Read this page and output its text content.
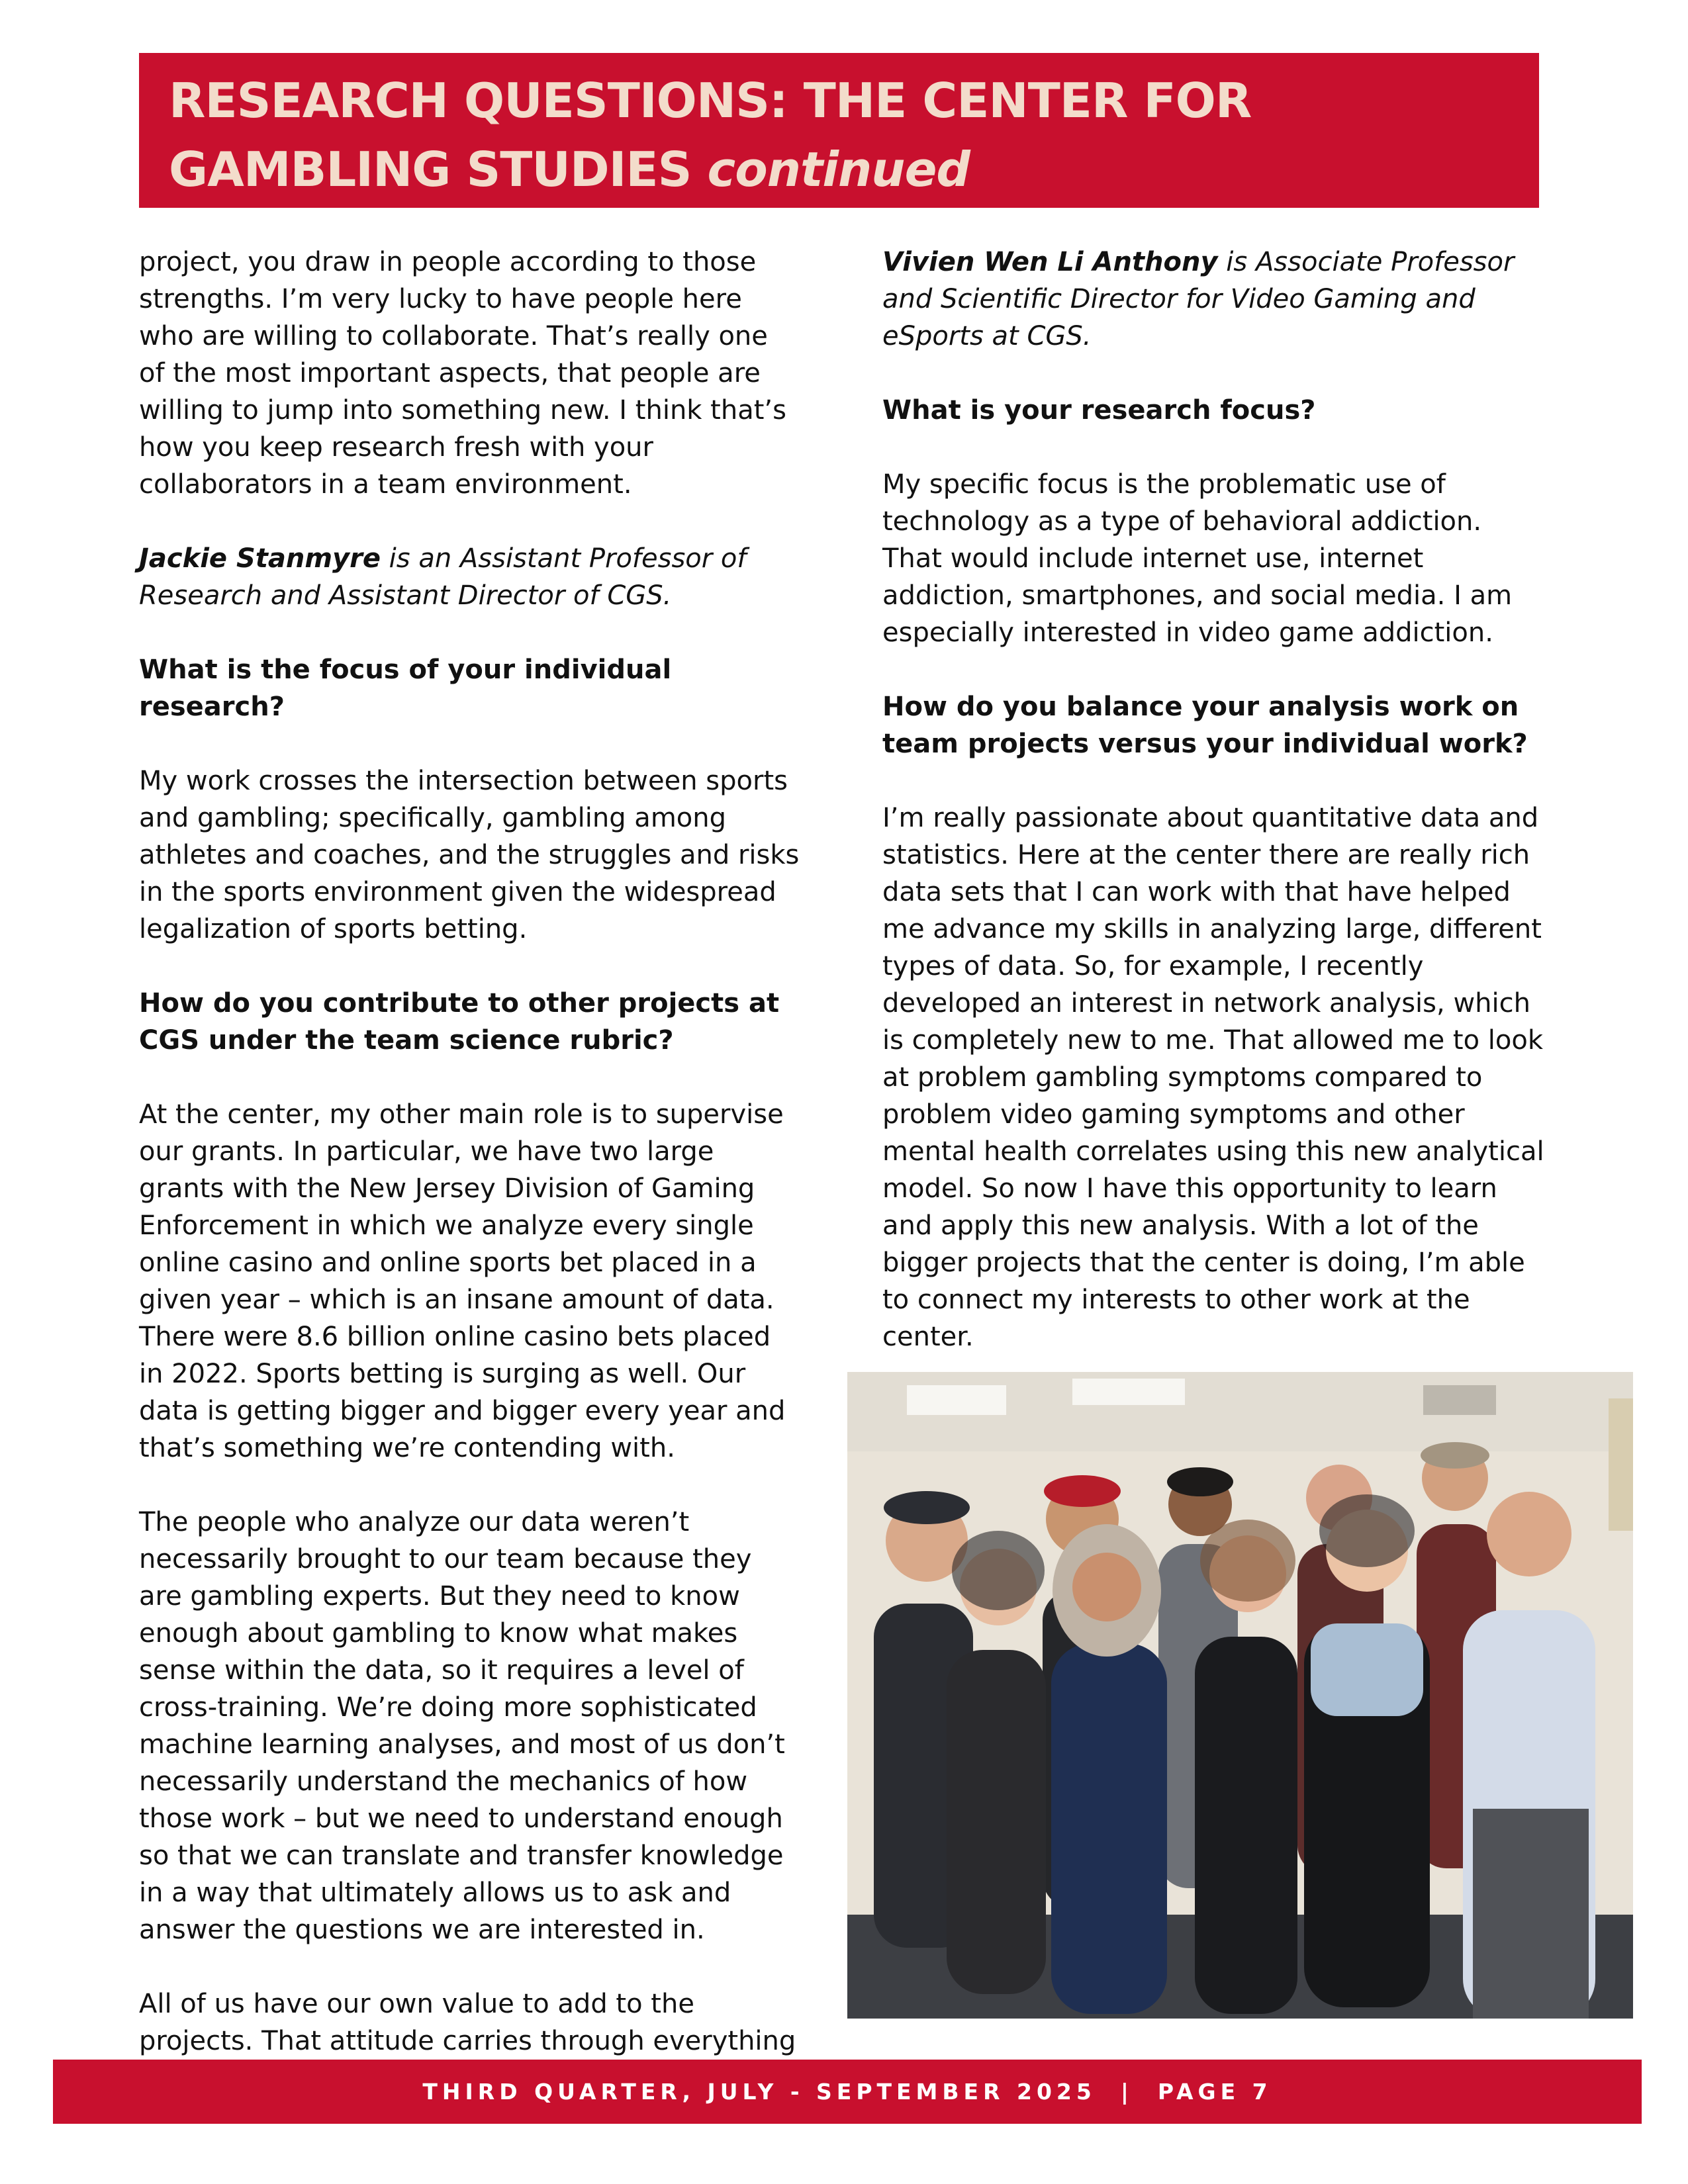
RESEARCH QUESTIONS: THE CENTER FOR GAMBLING STUDIES continued

project, you draw in people according to those strengths. I’m very lucky to have people here who are willing to collaborate. That’s really one of the most important aspects, that people are willing to jump into something new. I think that’s how you keep research fresh with your collaborators in a team environment.

Jackie Stanmyre is an Assistant Professor of Research and Assistant Director of CGS.

What is the focus of your individual research?

My work crosses the intersection between sports and gambling; specifically, gambling among athletes and coaches, and the struggles and risks in the sports environment given the widespread legalization of sports betting.

How do you contribute to other projects at CGS under the team science rubric?

At the center, my other main role is to supervise our grants. In particular, we have two large grants with the New Jersey Division of Gaming Enforcement in which we analyze every single online casino and online sports bet placed in a given year – which is an insane amount of data. There were 8.6 billion online casino bets placed in 2022. Sports betting is surging as well. Our data is getting bigger and bigger every year and that’s something we’re contending with.

The people who analyze our data weren’t necessarily brought to our team because they are gambling experts. But they need to know enough about gambling to know what makes sense within the data, so it requires a level of cross-training. We’re doing more sophisticated machine learning analyses, and most of us don’t necessarily understand the mechanics of how those work – but we need to understand enough so that we can translate and transfer knowledge in a way that ultimately allows us to ask and answer the questions we are interested in.

All of us have our own value to add to the projects. That attitude carries through everything

Vivien Wen Li Anthony is Associate Professor and Scientific Director for Video Gaming and eSports at CGS.

What is your research focus?

My specific focus is the problematic use of technology as a type of behavioral addiction. That would include internet use, internet addiction, smartphones, and social media. I am especially interested in video game addiction.

How do you balance your analysis work on team projects versus your individual work?

I’m really passionate about quantitative data and statistics. Here at the center there are really rich data sets that I can work with that have helped me advance my skills in analyzing large, different types of data. So, for example, I recently developed an interest in network analysis, which is completely new to me. That allowed me to look at problem gambling symptoms compared to problem video gaming symptoms and other mental health correlates using this new analytical model. So now I have this opportunity to learn and apply this new analysis. With a lot of the bigger projects that the center is doing, I’m able to connect my interests to other work at the center.

THIRD QUARTER, JULY - SEPTEMBER 2025  |  PAGE 7
